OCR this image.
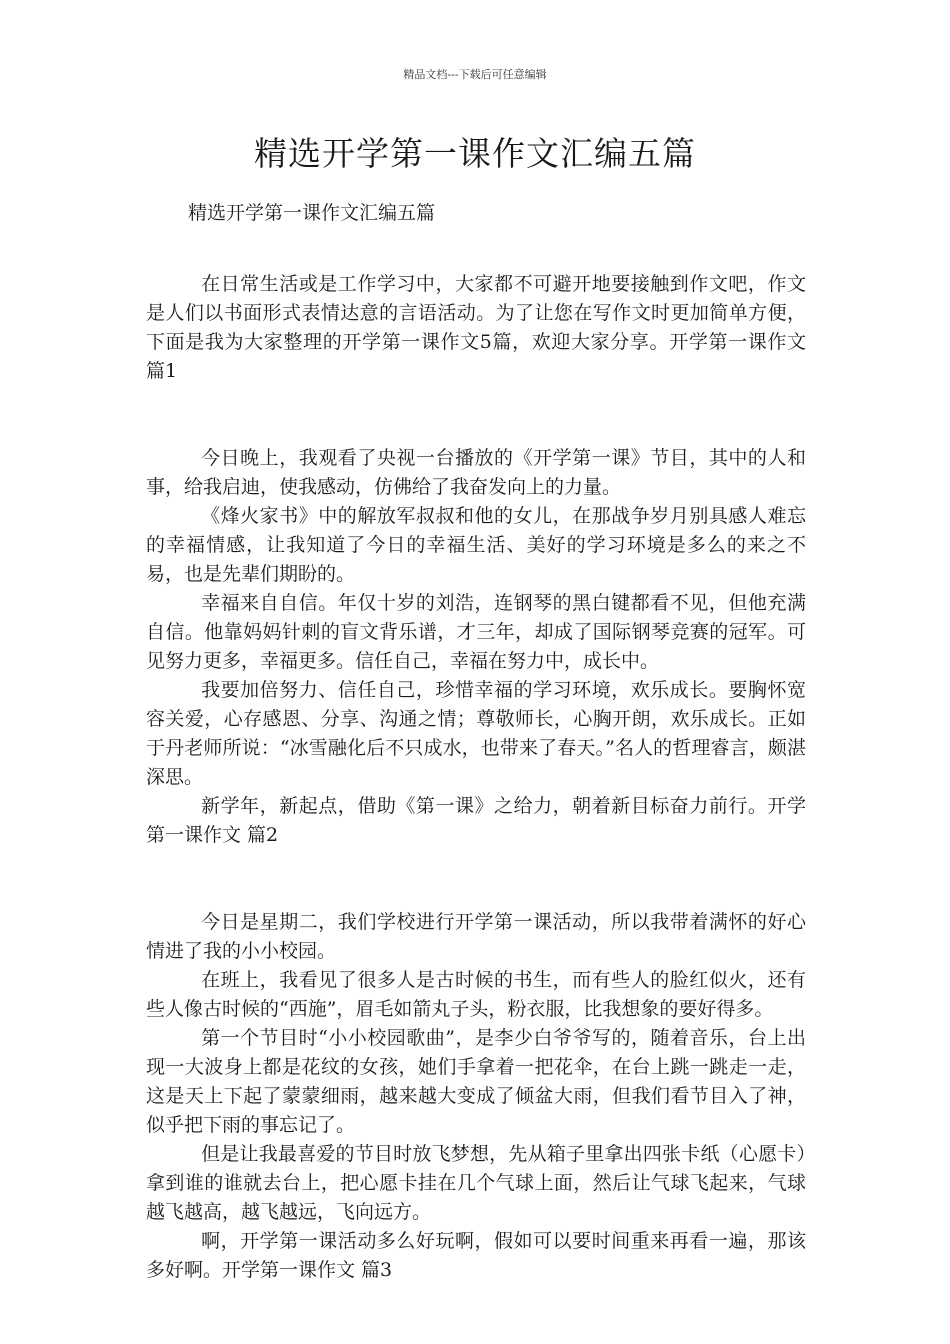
精品文档---下载后可任意编辑
精选开学第一课作文汇编五篇

精选开学第一课作文汇编五篇

在日常生活或是工作学习中，大家都不可避开地要接触到作文吧，作文是人们以书面形式表情达意的言语活动。为了让您在写作文时更加简单方便，下面是我为大家整理的开学第一课作文5篇，欢迎大家分享。开学第一课作文 篇1

今日晚上，我观看了央视一台播放的《开学第一课》节目，其中的人和事，给我启迪，使我感动，仿佛给了我奋发向上的力量。

《烽火家书》中的解放军叔叔和他的女儿，在那战争岁月别具感人难忘的幸福情感，让我知道了今日的幸福生活、美好的学习环境是多么的来之不易，也是先辈们期盼的。

幸福来自自信。年仅十岁的刘浩，连钢琴的黑白键都看不见，但他充满自信。他靠妈妈针刺的盲文背乐谱，才三年，却成了国际钢琴竞赛的冠军。可见努力更多，幸福更多。信任自己，幸福在努力中，成长中。

我要加倍努力、信任自己，珍惜幸福的学习环境，欢乐成长。要胸怀宽容关爱，心存感恩、分享、沟通之情；尊敬师长，心胸开朗，欢乐成长。正如于丹老师所说：“冰雪融化后不只成水，也带来了春天。”名人的哲理睿言，颇湛深思。

新学年，新起点，借助《第一课》之给力，朝着新目标奋力前行。开学第一课作文 篇2

今日是星期二，我们学校进行开学第一课活动，所以我带着满怀的好心情进了我的小小校园。

在班上，我看见了很多人是古时候的书生，而有些人的脸红似火，还有些人像古时候的“西施”，眉毛如箭丸子头，粉衣服，比我想象的要好得多。

第一个节目时“小小校园歌曲”，是李少白爷爷写的，随着音乐，台上出现一大波身上都是花纹的女孩，她们手拿着一把花伞，在台上跳一跳走一走，这是天上下起了蒙蒙细雨，越来越大变成了倾盆大雨，但我们看节目入了神，似乎把下雨的事忘记了。

但是让我最喜爱的节目时放飞梦想，先从箱子里拿出四张卡纸（心愿卡）拿到谁的谁就去台上，把心愿卡挂在几个气球上面，然后让气球飞起来，气球越飞越高，越飞越远，飞向远方。

啊，开学第一课活动多么好玩啊，假如可以要时间重来再看一遍，那该多好啊。开学第一课作文 篇3
